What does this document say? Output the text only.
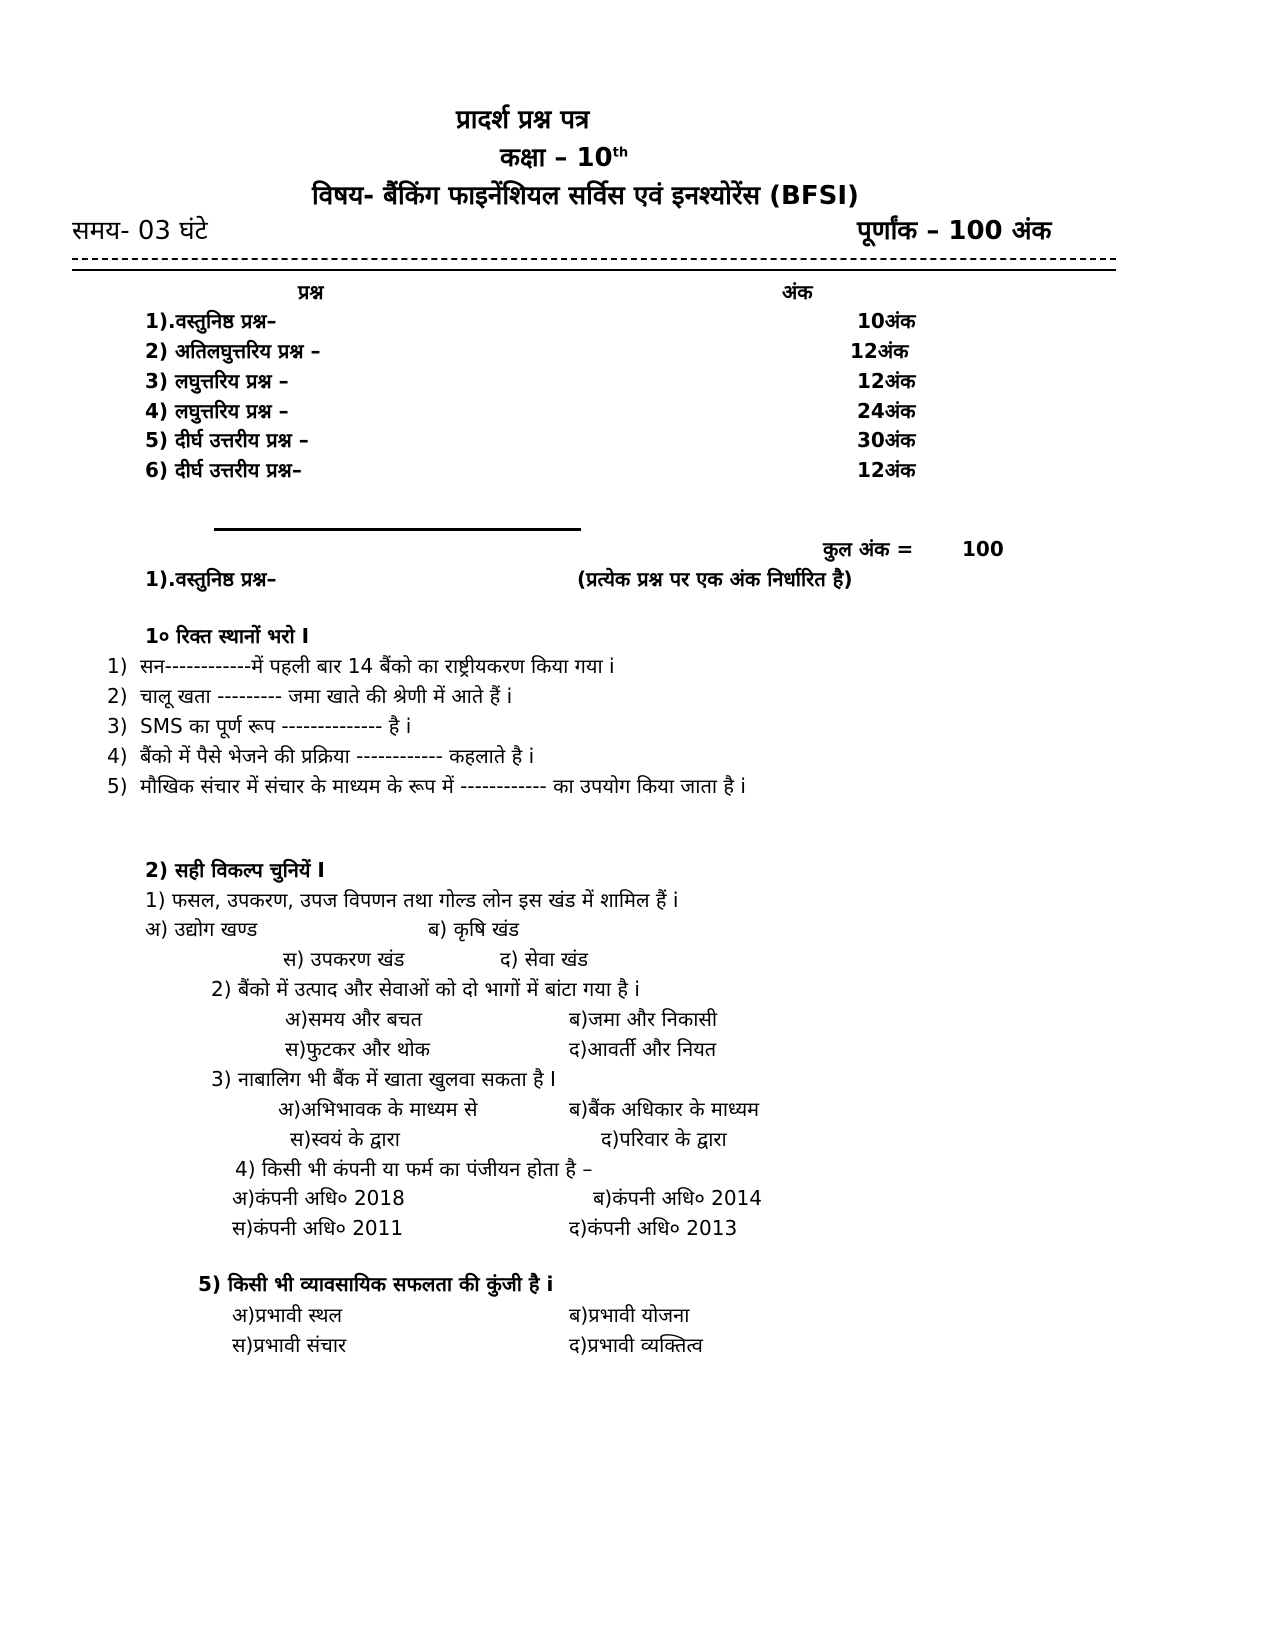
प्रादर्श प्रश्न पत्र
कक्षा – 10th
विषय- बैंकिंग फाइनेंशियल सर्विस एवं इनश्योरेंस (BFSI)
समय- 03 घंटे	पूर्णांक – 100 अंक
प्रश्न	अंक
1).वस्तुनिष्ठ प्रश्न–	10अंक
2) अतिलघुत्तरिय प्रश्न –	12अंक
3) लघुत्तरिय प्रश्न –	12अंक
4) लघुत्तरिय प्रश्न –	24अंक
5) दीर्घ उत्तरीय प्रश्न –	30अंक
6) दीर्घ उत्तरीय प्रश्न–	12अंक
कुल अंक = 100
1).वस्तुनिष्ठ प्रश्न–	(प्रत्येक प्रश्न पर एक अंक निर्धारित है)
1० रिक्त स्थानों भरो I
1) सन------------में पहली बार 14 बैंको का राष्ट्रीयकरण किया गया i
2) चालू खता --------- जमा खाते की श्रेणी में आते हैं i
3) SMS का पूर्ण रूप -------------- है i
4) बैंको में पैसे भेजने की प्रक्रिया ------------ कहलाते है i
5) मौखिक संचार में संचार के माध्यम के रूप में ------------ का उपयोग किया जाता है i
2) सही विकल्प चुनियें I
1) फसल, उपकरण, उपज विपणन तथा गोल्ड लोन इस खंड में शामिल हैं i
अ) उद्योग खण्ड	ब) कृषि खंड
स) उपकरण खंड	द) सेवा खंड
2) बैंको में उत्पाद और सेवाओं को दो भागों में बांटा गया है i
अ)समय और बचत	ब)जमा और निकासी
स)फुटकर और थोक	द)आवर्ती और नियत
3) नाबालिग भी बैंक में खाता खुलवा सकता है I
अ)अभिभावक के माध्यम से	ब)बैंक अधिकार के माध्यम
स)स्वयं के द्वारा	द)परिवार के द्वारा
4) किसी भी कंपनी या फर्म का पंजीयन होता है –
अ)कंपनी अधि० 2018	ब)कंपनी अधि० 2014
स)कंपनी अधि० 2011	द)कंपनी अधि० 2013
5) किसी भी व्यावसायिक सफलता की कुंजी है i
अ)प्रभावी स्थल	ब)प्रभावी योजना
स)प्रभावी संचार	द)प्रभावी व्यक्तित्व
